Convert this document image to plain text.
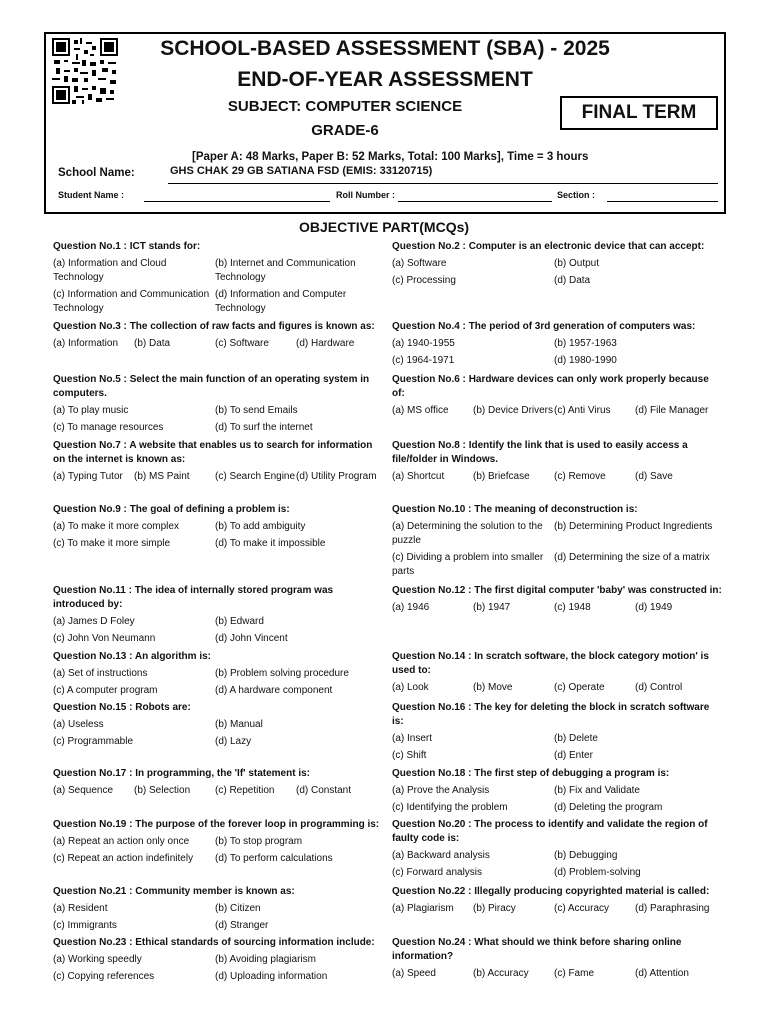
SCHOOL-BASED ASSESSMENT (SBA) - 2025
END-OF-YEAR ASSESSMENT
SUBJECT: COMPUTER SCIENCE
GRADE-6
FINAL TERM
[Paper A: 48 Marks, Paper B: 52 Marks, Total: 100 Marks], Time = 3 hours
School Name:	GHS CHAK 29 GB SATIANA FSD (EMIS: 33120715)
Student Name :	Roll Number :	Section :
OBJECTIVE PART(MCQs)
Question No.1 : ICT stands for:
(a) Information and Cloud Technology
(b) Internet and Communication Technology
(c) Information and Communication Technology
(d) Information and Computer Technology
Question No.2 : Computer is an electronic device that can accept:
(a) Software	(b) Output
(c) Processing	(d) Data
Question No.3 : The collection of raw facts and figures is known as:
(a) Information	(b) Data	(c) Software	(d) Hardware
Question No.4 : The period of 3rd generation of computers was:
(a) 1940-1955	(b) 1957-1963
(c) 1964-1971	(d) 1980-1990
Question No.5 : Select the main function of an operating system in computers.
(a) To play music	(b) To send Emails
(c) To manage resources	(d) To surf the internet
Question No.6 : Hardware devices can only work properly because of:
(a) MS office	(b) Device Drivers (c) Anti Virus	(d) File Manager
Question No.7 : A website that enables us to search for information on the internet is known as:
(a) Typing Tutor	(b) MS Paint	(c) Search Engine (d) Utility Program
Question No.8 : Identify the link that is used to easily access a file/folder in Windows.
(a) Shortcut	(b) Briefcase	(c) Remove	(d) Save
Question No.9 : The goal of defining a problem is:
(a) To make it more complex	(b) To add ambiguity
(c) To make it more simple	(d) To make it impossible
Question No.10 : The meaning of deconstruction is:
(a) Determining the solution to the puzzle
(b) Determining Product Ingredients
(c) Dividing a problem into smaller parts
(d) Determining the size of a matrix
Question No.11 : The idea of internally stored program was introduced by:
(a) James D Foley	(b) Edward
(c) John Von Neumann	(d) John Vincent
Question No.12 : The first digital computer 'baby' was constructed in:
(a) 1946	(b) 1947	(c) 1948	(d) 1949
Question No.13 : An algorithm is:
(a) Set of instructions	(b) Problem solving procedure
(c) A computer program	(d) A hardware component
Question No.14 : In scratch software, the block category motion' is used to:
(a) Look	(b) Move	(c) Operate	(d) Control
Question No.15 : Robots are:
(a) Useless	(b) Manual
(c) Programmable	(d) Lazy
Question No.16 : The key for deleting the block in scratch software is:
(a) Insert	(b) Delete
(c) Shift	(d) Enter
Question No.17 : In programming, the 'If' statement is:
(a) Sequence	(b) Selection	(c) Repetition	(d) Constant
Question No.18 : The first step of debugging a program is:
(a) Prove the Analysis	(b) Fix and Validate
(c) Identifying the problem	(d) Deleting the program
Question No.19 : The purpose of the forever loop in programming is:
(a) Repeat an action only once	(b) To stop program
(c) Repeat an action indefinitely	(d) To perform calculations
Question No.20 : The process to identify and validate the region of faulty code is:
(a) Backward analysis	(b) Debugging
(c) Forward analysis	(d) Problem-solving
Question No.21 : Community member is known as:
(a) Resident	(b) Citizen
(c) Immigrants	(d) Stranger
Question No.22 : Illegally producing copyrighted material is called:
(a) Plagiarism	(b) Piracy	(c) Accuracy	(d) Paraphrasing
Question No.23 : Ethical standards of sourcing information include:
(a) Working speedly	(b) Avoiding plagiarism
(c) Copying references	(d) Uploading information
Question No.24 : What should we think before sharing online information?
(a) Speed	(b) Accuracy	(c) Fame	(d) Attention
